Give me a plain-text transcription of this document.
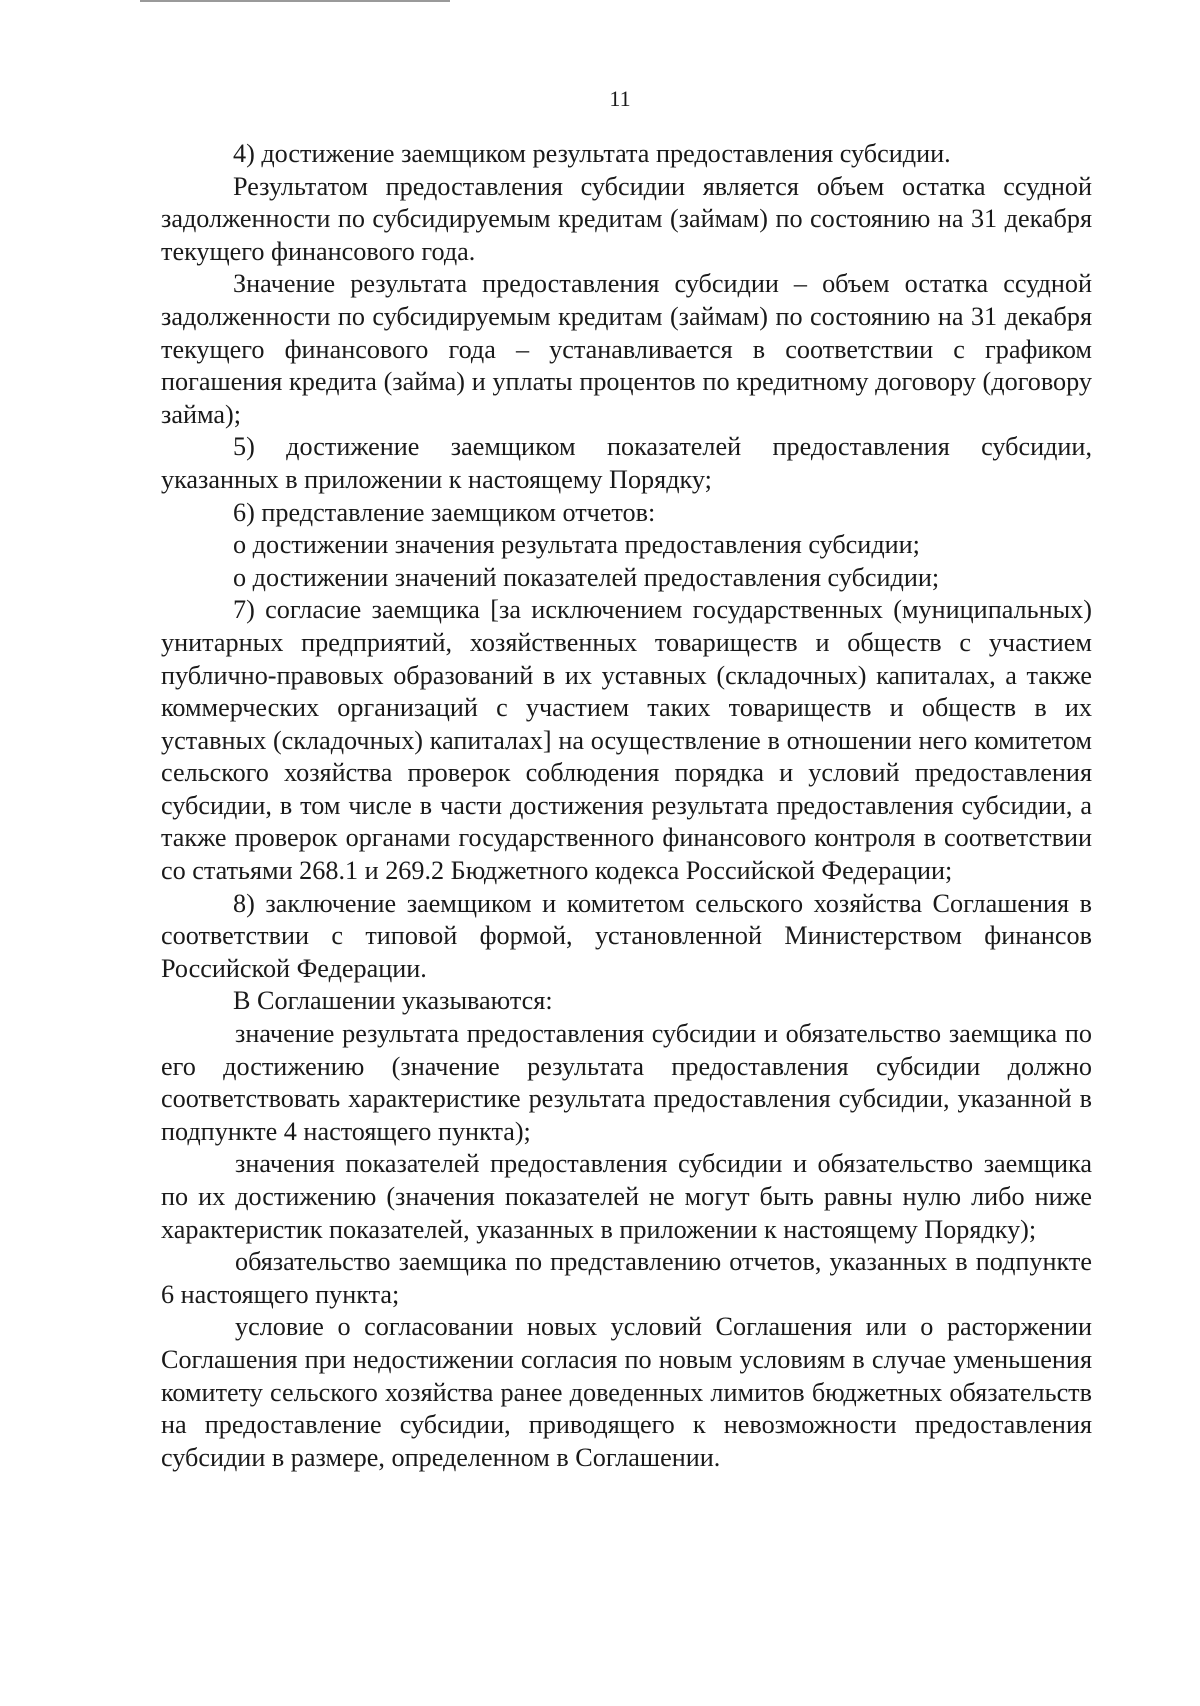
11

4) достижение заемщиком результата предоставления субсидии.

Результатом предоставления субсидии является объем остатка ссудной задолженности по субсидируемым кредитам (займам) по состоянию на 31 декабря текущего финансового года.

Значение результата предоставления субсидии – объем остатка ссудной задолженности по субсидируемым кредитам (займам) по состоянию на 31 декабря текущего финансового года – устанавливается в соответствии с графиком погашения кредита (займа) и уплаты процентов по кредитному договору (договору займа);

5) достижение заемщиком показателей предоставления субсидии, указанных в приложении к настоящему Порядку;

6) представление заемщиком отчетов:

о достижении значения результата предоставления субсидии;

о достижении значений показателей предоставления субсидии;

7) согласие заемщика [за исключением государственных (муниципальных) унитарных предприятий, хозяйственных товариществ и обществ с участием публично-правовых образований в их уставных (складочных) капиталах, а также коммерческих организаций с участием таких товариществ и обществ в их уставных (складочных) капиталах] на осуществление в отношении него комитетом сельского хозяйства проверок соблюдения порядка и условий предоставления субсидии, в том числе в части достижения результата предоставления субсидии, а также проверок органами государственного финансового контроля в соответствии со статьями 268.1 и 269.2 Бюджетного кодекса Российской Федерации;

8) заключение заемщиком и комитетом сельского хозяйства Соглашения в соответствии с типовой формой, установленной Министерством финансов Российской Федерации.

В Соглашении указываются:

значение результата предоставления субсидии и обязательство заемщика по его достижению (значение результата предоставления субсидии должно соответствовать характеристике результата предоставления субсидии, указанной в подпункте 4 настоящего пункта);

значения показателей предоставления субсидии и обязательство заемщика по их достижению (значения показателей не могут быть равны нулю либо ниже характеристик показателей, указанных в приложении к настоящему Порядку);

обязательство заемщика по представлению отчетов, указанных в подпункте 6 настоящего пункта;

условие о согласовании новых условий Соглашения или о расторжении Соглашения при недостижении согласия по новым условиям в случае уменьшения комитету сельского хозяйства ранее доведенных лимитов бюджетных обязательств на предоставление субсидии, приводящего к невозможности предоставления субсидии в размере, определенном в Соглашении.
